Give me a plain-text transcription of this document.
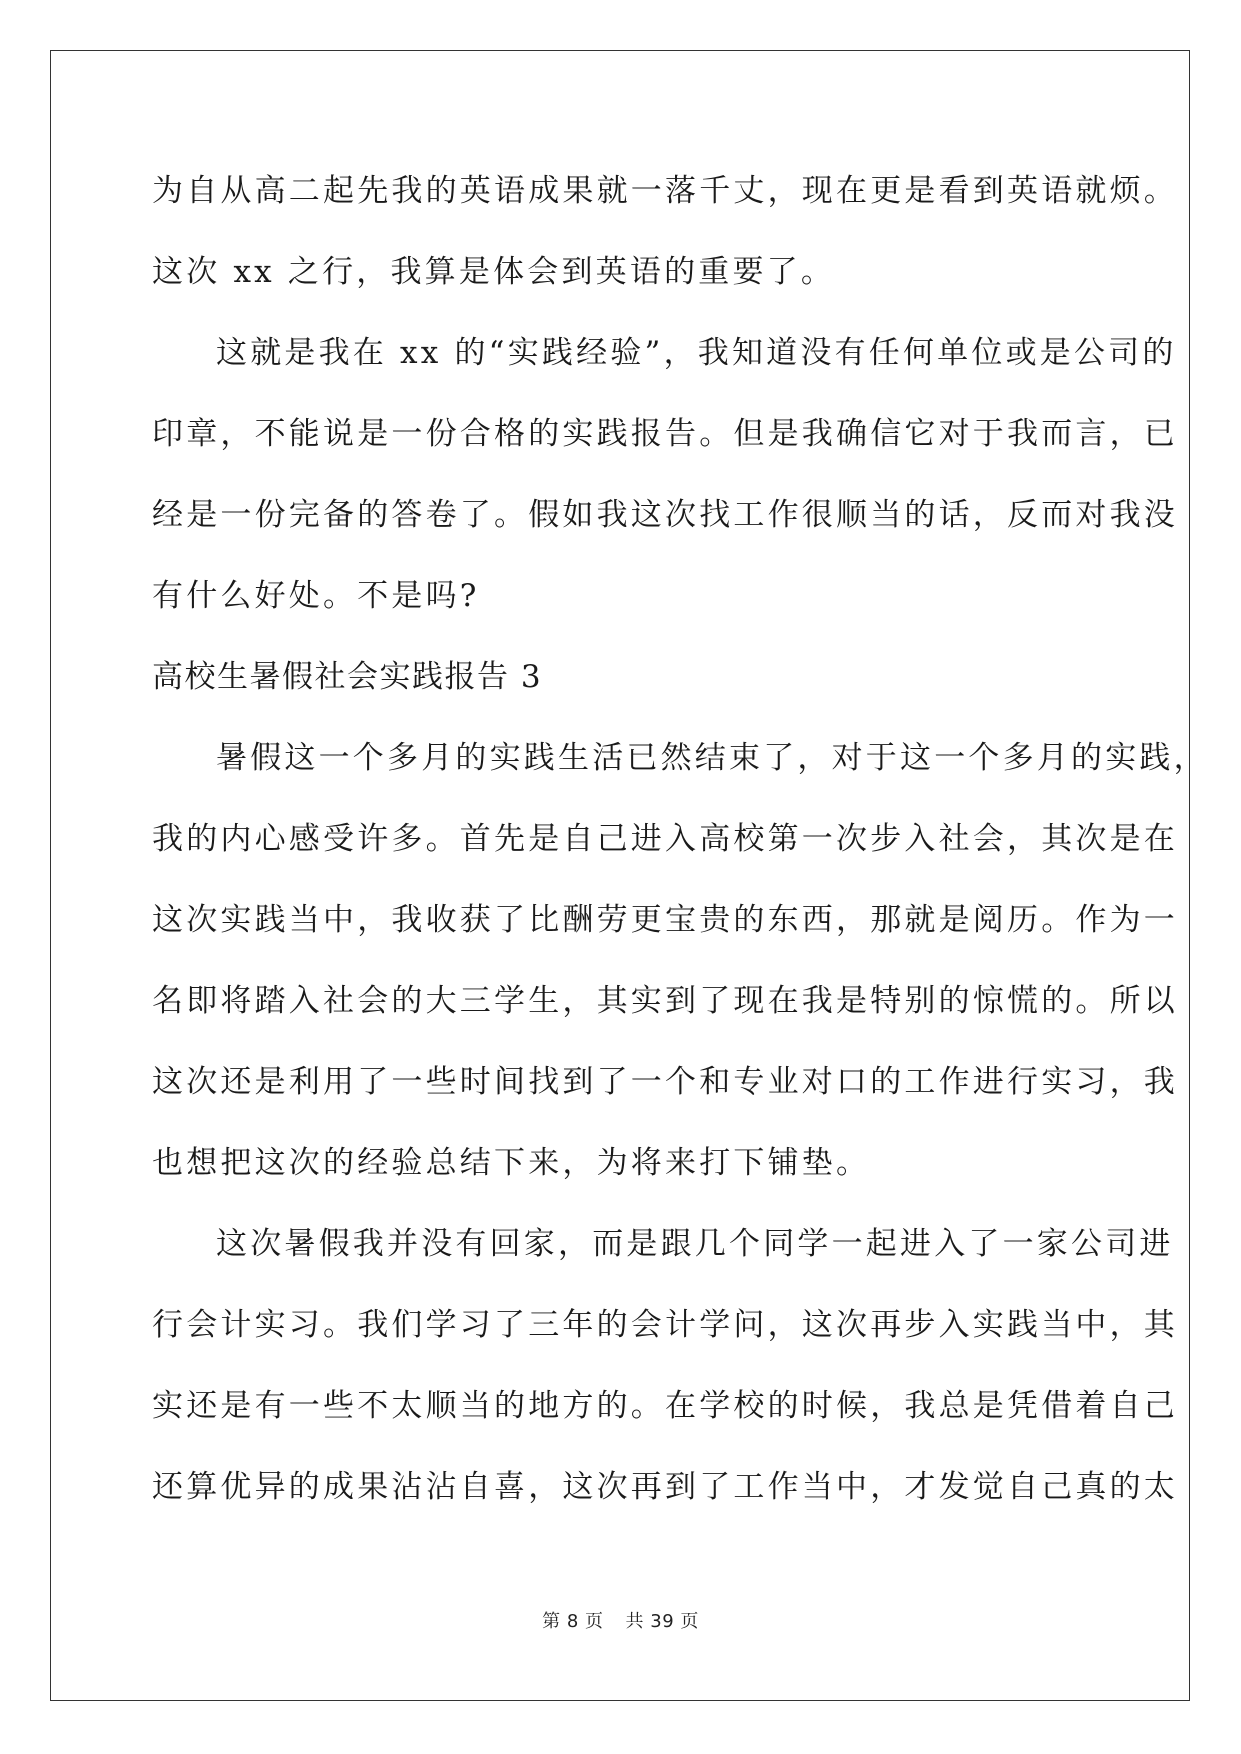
为自从高二起先我的英语成果就一落千丈，现在更是看到英语就烦。
这次 xx 之行，我算是体会到英语的重要了。
这就是我在 xx 的“实践经验”，我知道没有任何单位或是公司的
印章，不能说是一份合格的实践报告。但是我确信它对于我而言，已
经是一份完备的答卷了。假如我这次找工作很顺当的话，反而对我没
有什么好处。不是吗?
高校生暑假社会实践报告 3
暑假这一个多月的实践生活已然结束了，对于这一个多月的实践，
我的内心感受许多。首先是自己进入高校第一次步入社会，其次是在
这次实践当中，我收获了比酬劳更宝贵的东西，那就是阅历。作为一
名即将踏入社会的大三学生，其实到了现在我是特别的惊慌的。所以
这次还是利用了一些时间找到了一个和专业对口的工作进行实习，我
也想把这次的经验总结下来，为将来打下铺垫。
这次暑假我并没有回家，而是跟几个同学一起进入了一家公司进
行会计实习。我们学习了三年的会计学问，这次再步入实践当中，其
实还是有一些不太顺当的地方的。在学校的时候，我总是凭借着自己
还算优异的成果沾沾自喜，这次再到了工作当中，才发觉自己真的太
第 8 页 共 39 页
